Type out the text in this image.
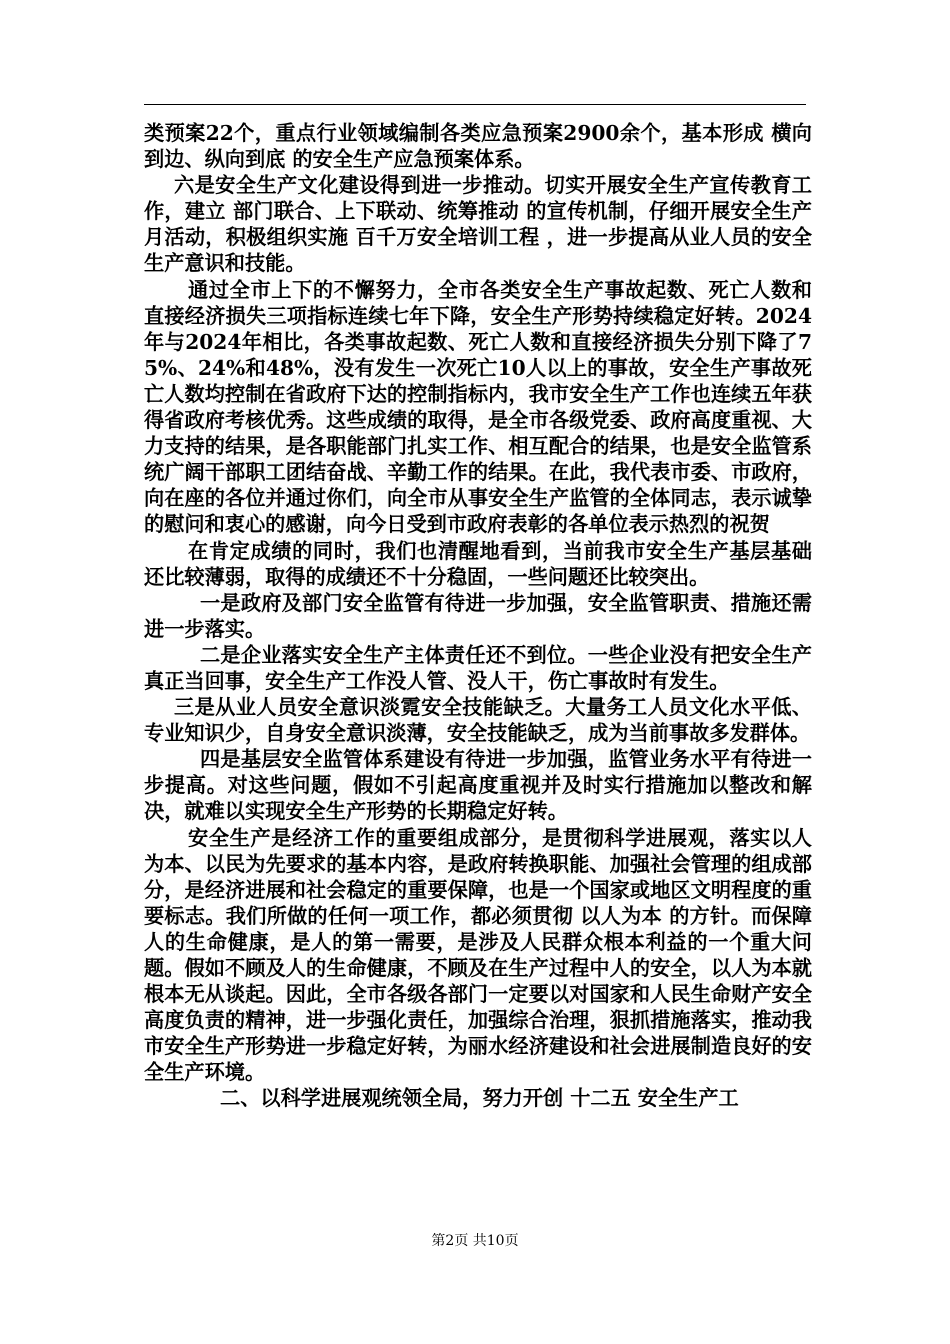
类预案22个，重点行业领域编制各类应急预案2900余个，基本形成 横向到边、纵向到底 的安全生产应急预案体系。

六是安全生产文化建设得到进一步推动。切实开展安全生产宣传教育工作，建立 部门联合、上下联动、统筹推动 的宣传机制，仔细开展安全生产月活动，积极组织实施 百千万安全培训工程 ，进一步提高从业人员的安全生产意识和技能。

通过全市上下的不懈努力，全市各类安全生产事故起数、死亡人数和直接经济损失三项指标连续七年下降，安全生产形势持续稳定好转。2024年与2024年相比，各类事故起数、死亡人数和直接经济损失分别下降了75%、24%和48%，没有发生一次死亡10人以上的事故，安全生产事故死亡人数均控制在省政府下达的控制指标内，我市安全生产工作也连续五年获得省政府考核优秀。这些成绩的取得，是全市各级党委、政府高度重视、大力支持的结果，是各职能部门扎实工作、相互配合的结果，也是安全监管系统广阔干部职工团结奋战、辛勤工作的结果。在此，我代表市委、市政府，向在座的各位并通过你们，向全市从事安全生产监管的全体同志，表示诚挚的慰问和衷心的感谢，向今日受到市政府表彰的各单位表示热烈的祝贺

在肯定成绩的同时，我们也清醒地看到，当前我市安全生产基层基础还比较薄弱，取得的成绩还不十分稳固，一些问题还比较突出。

一是政府及部门安全监管有待进一步加强，安全监管职责、措施还需进一步落实。

二是企业落实安全生产主体责任还不到位。一些企业没有把安全生产真正当回事，安全生产工作没人管、没人干，伤亡事故时有发生。

三是从业人员安全意识淡霓安全技能缺乏。大量务工人员文化水平低、专业知识少，自身安全意识淡薄，安全技能缺乏，成为当前事故多发群体。

四是基层安全监管体系建设有待进一步加强，监管业务水平有待进一步提高。对这些问题，假如不引起高度重视并及时实行措施加以整改和解决，就难以实现安全生产形势的长期稳定好转。

安全生产是经济工作的重要组成部分，是贯彻科学进展观，落实以人为本、以民为先要求的基本内容，是政府转换职能、加强社会管理的组成部分，是经济进展和社会稳定的重要保障，也是一个国家或地区文明程度的重要标志。我们所做的任何一项工作，都必须贯彻 以人为本 的方针。而保障人的生命健康，是人的第一需要，是涉及人民群众根本利益的一个重大问题。假如不顾及人的生命健康，不顾及在生产过程中人的安全，以人为本就根本无从谈起。因此，全市各级各部门一定要以对国家和人民生命财产安全高度负责的精神，进一步强化责任，加强综合治理，狠抓措施落实，推动我市安全生产形势进一步稳定好转，为丽水经济建设和社会进展制造良好的安全生产环境。

二、以科学进展观统领全局，努力开创 十二五 安全生产工

第2页 共10页
